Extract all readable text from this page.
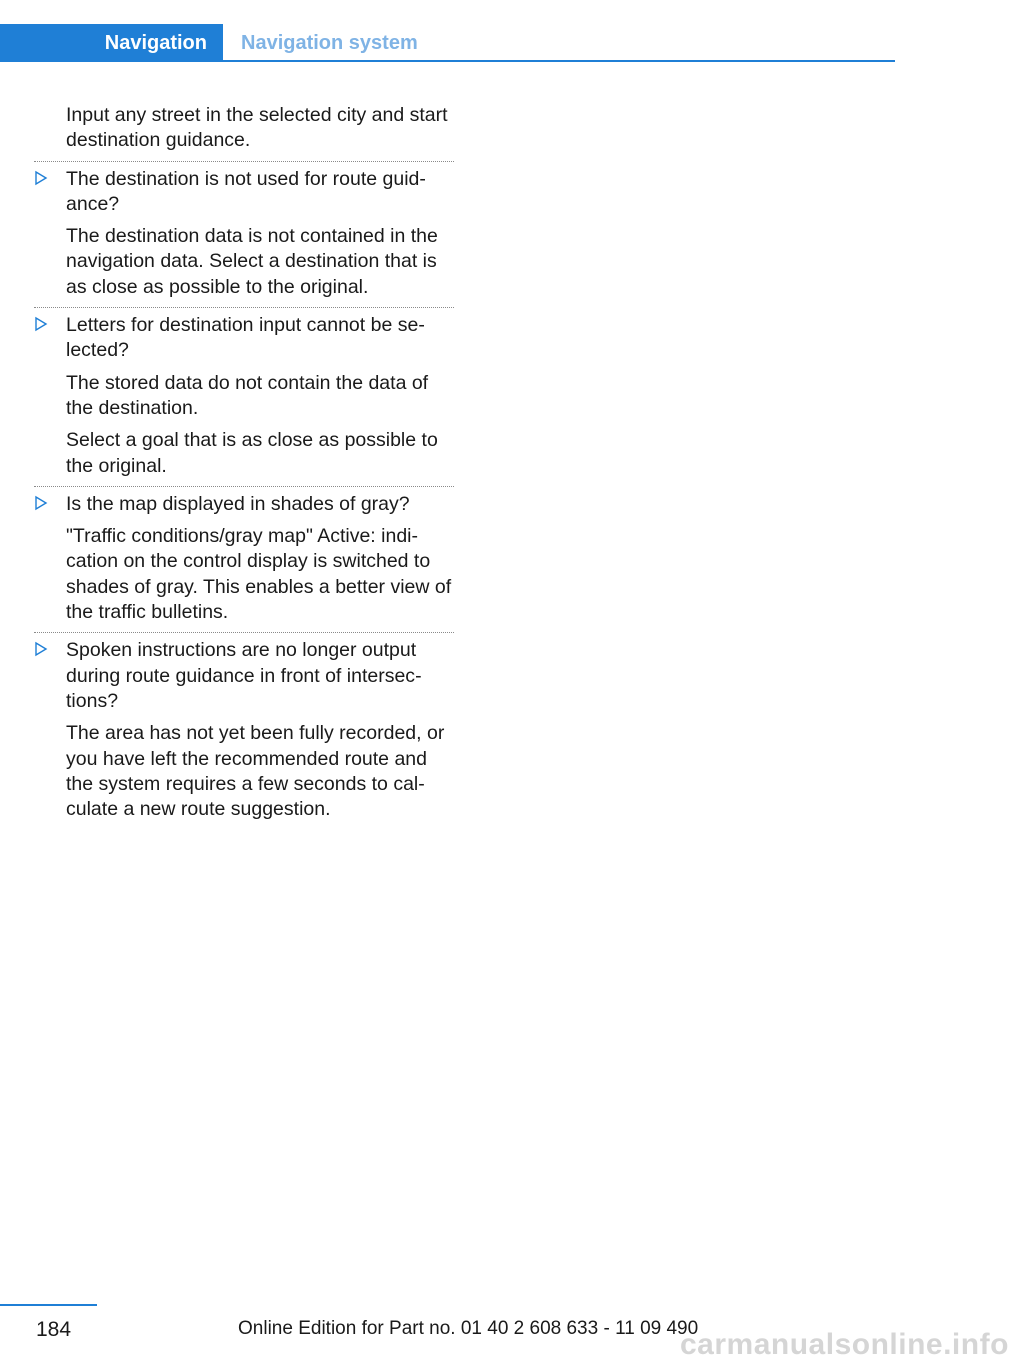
Navigation	Navigation system

Input any street in the selected city and start destination guidance.

The destination is not used for route guidance?

The destination data is not contained in the navigation data. Select a destination that is as close as possible to the original.

Letters for destination input cannot be selected?

The stored data do not contain the data of the destination.

Select a goal that is as close as possible to the original.

Is the map displayed in shades of gray?

"Traffic conditions/gray map" Active: indication on the control display is switched to shades of gray. This enables a better view of the traffic bulletins.

Spoken instructions are no longer output during route guidance in front of intersections?

The area has not yet been fully recorded, or you have left the recommended route and the system requires a few seconds to calculate a new route suggestion.

184	Online Edition for Part no. 01 40 2 608 633 - 11 09 490
carmanualsonline.info
